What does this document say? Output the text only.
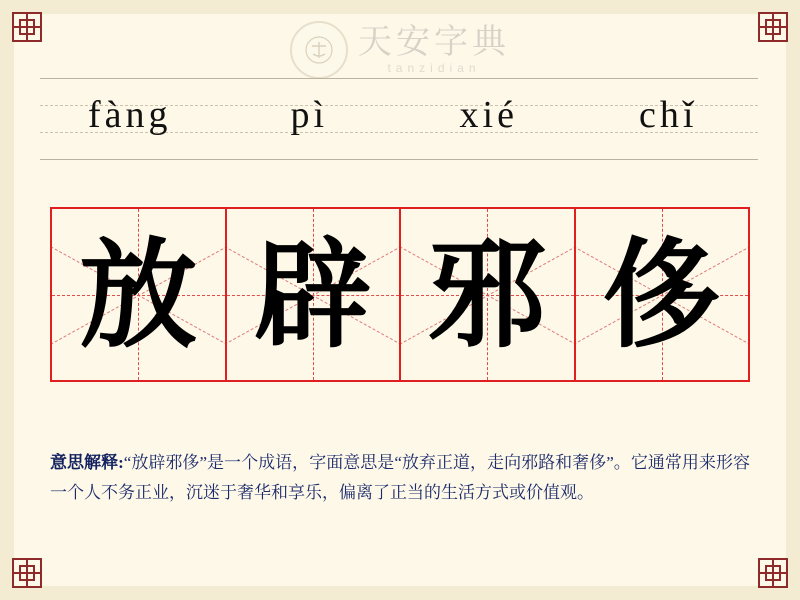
天安字典
tanzidian
fàng	pì	xié	chǐ
放 辟 邪 侈
意思解释:“放辟邪侈”是一个成语，字面意思是“放弃正道，走向邪路和奢侈”。它通常用来形容一个人不务正业，沉迷于奢华和享乐，偏离了正当的生活方式或价值观。
